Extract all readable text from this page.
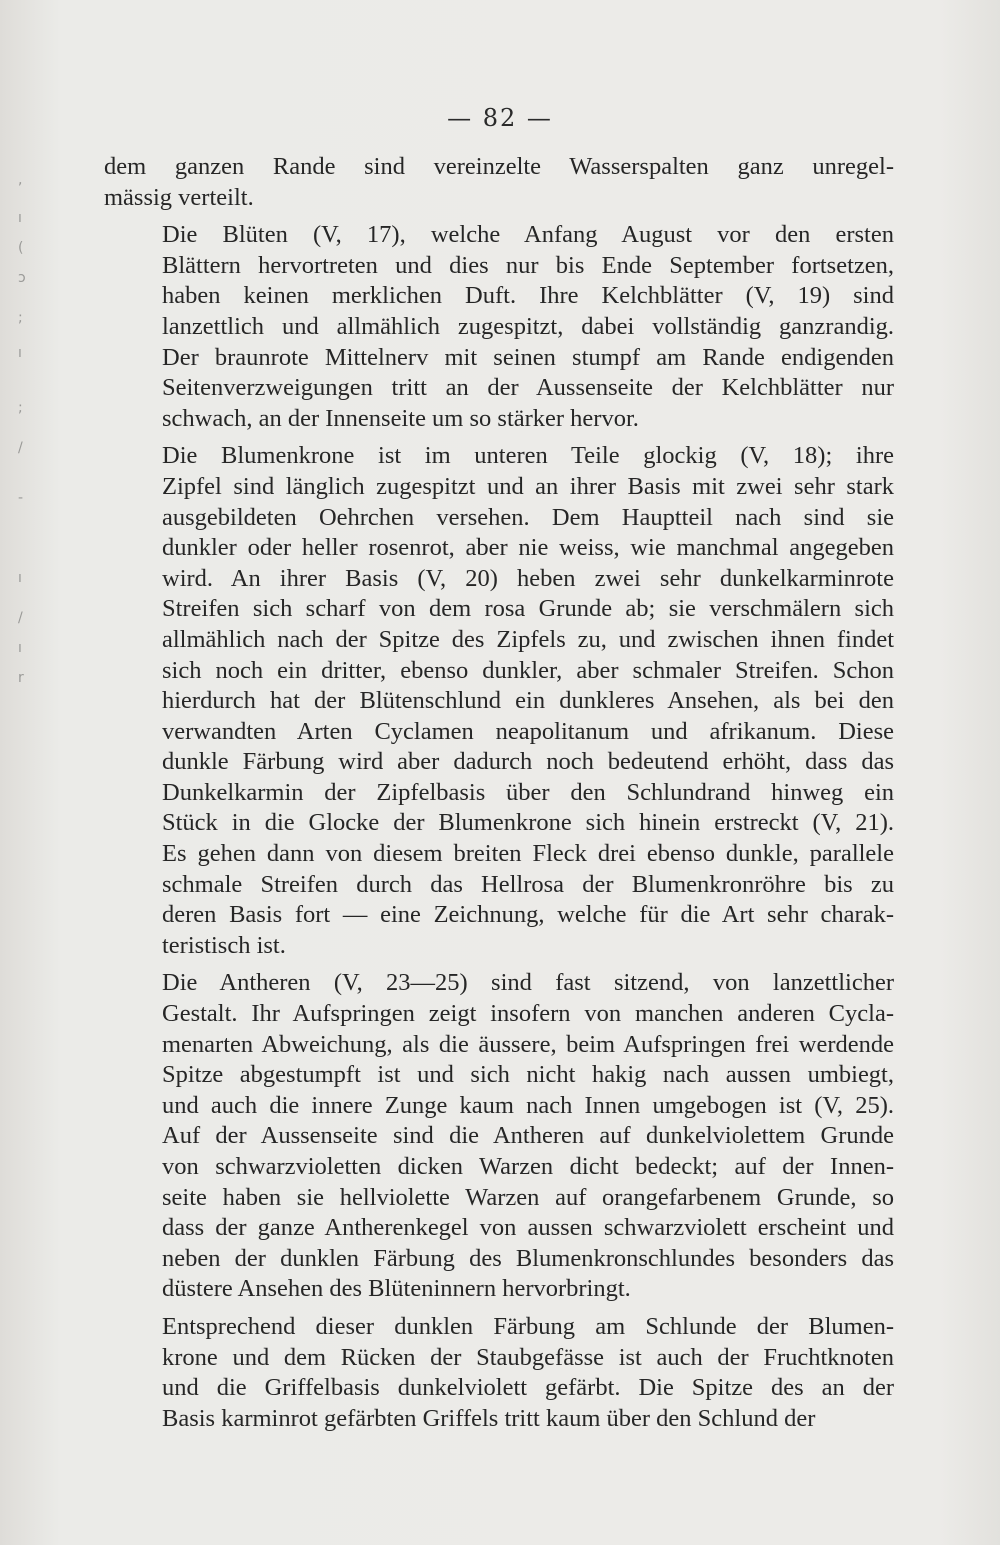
,
ı
(
ɔ
;
ı
;
/
-
ı
/
ı
r
— 82 —

dem ganzen Rande sind vereinzelte Wasserspalten ganz unregel-
mässig verteilt.

Die Blüten (V, 17), welche Anfang August vor den ersten
Blättern hervortreten und dies nur bis Ende September fortsetzen,
haben keinen merklichen Duft. Ihre Kelchblätter (V, 19) sind
lanzettlich und allmählich zugespitzt, dabei vollständig ganzrandig.
Der braunrote Mittelnerv mit seinen stumpf am Rande endigenden
Seitenverzweigungen tritt an der Aussenseite der Kelchblätter nur
schwach, an der Innenseite um so stärker hervor.

Die Blumenkrone ist im unteren Teile glockig (V, 18); ihre
Zipfel sind länglich zugespitzt und an ihrer Basis mit zwei sehr stark
ausgebildeten Oehrchen versehen. Dem Hauptteil nach sind sie
dunkler oder heller rosenrot, aber nie weiss, wie manchmal angegeben
wird. An ihrer Basis (V, 20) heben zwei sehr dunkelkarminrote
Streifen sich scharf von dem rosa Grunde ab; sie verschmälern sich
allmählich nach der Spitze des Zipfels zu, und zwischen ihnen findet
sich noch ein dritter, ebenso dunkler, aber schmaler Streifen. Schon
hierdurch hat der Blütenschlund ein dunkleres Ansehen, als bei den
verwandten Arten Cyclamen neapolitanum und afrikanum. Diese
dunkle Färbung wird aber dadurch noch bedeutend erhöht, dass das
Dunkelkarmin der Zipfelbasis über den Schlundrand hinweg ein
Stück in die Glocke der Blumenkrone sich hinein erstreckt (V, 21).
Es gehen dann von diesem breiten Fleck drei ebenso dunkle, parallele
schmale Streifen durch das Hellrosa der Blumenkronröhre bis zu
deren Basis fort — eine Zeichnung, welche für die Art sehr charak-
teristisch ist.

Die Antheren (V, 23—25) sind fast sitzend, von lanzettlicher
Gestalt. Ihr Aufspringen zeigt insofern von manchen anderen Cycla-
menarten Abweichung, als die äussere, beim Aufspringen frei werdende
Spitze abgestumpft ist und sich nicht hakig nach aussen umbiegt,
und auch die innere Zunge kaum nach Innen umgebogen ist (V, 25).
Auf der Aussenseite sind die Antheren auf dunkelviolettem Grunde
von schwarzvioletten dicken Warzen dicht bedeckt; auf der Innen-
seite haben sie hellviolette Warzen auf orangefarbenem Grunde, so
dass der ganze Antherenkegel von aussen schwarzviolett erscheint und
neben der dunklen Färbung des Blumenkronschlundes besonders das
düstere Ansehen des Blüteninnern hervorbringt.

Entsprechend dieser dunklen Färbung am Schlunde der Blumen-
krone und dem Rücken der Staubgefässe ist auch der Fruchtknoten
und die Griffelbasis dunkelviolett gefärbt. Die Spitze des an der
Basis karminrot gefärbten Griffels tritt kaum über den Schlund der
